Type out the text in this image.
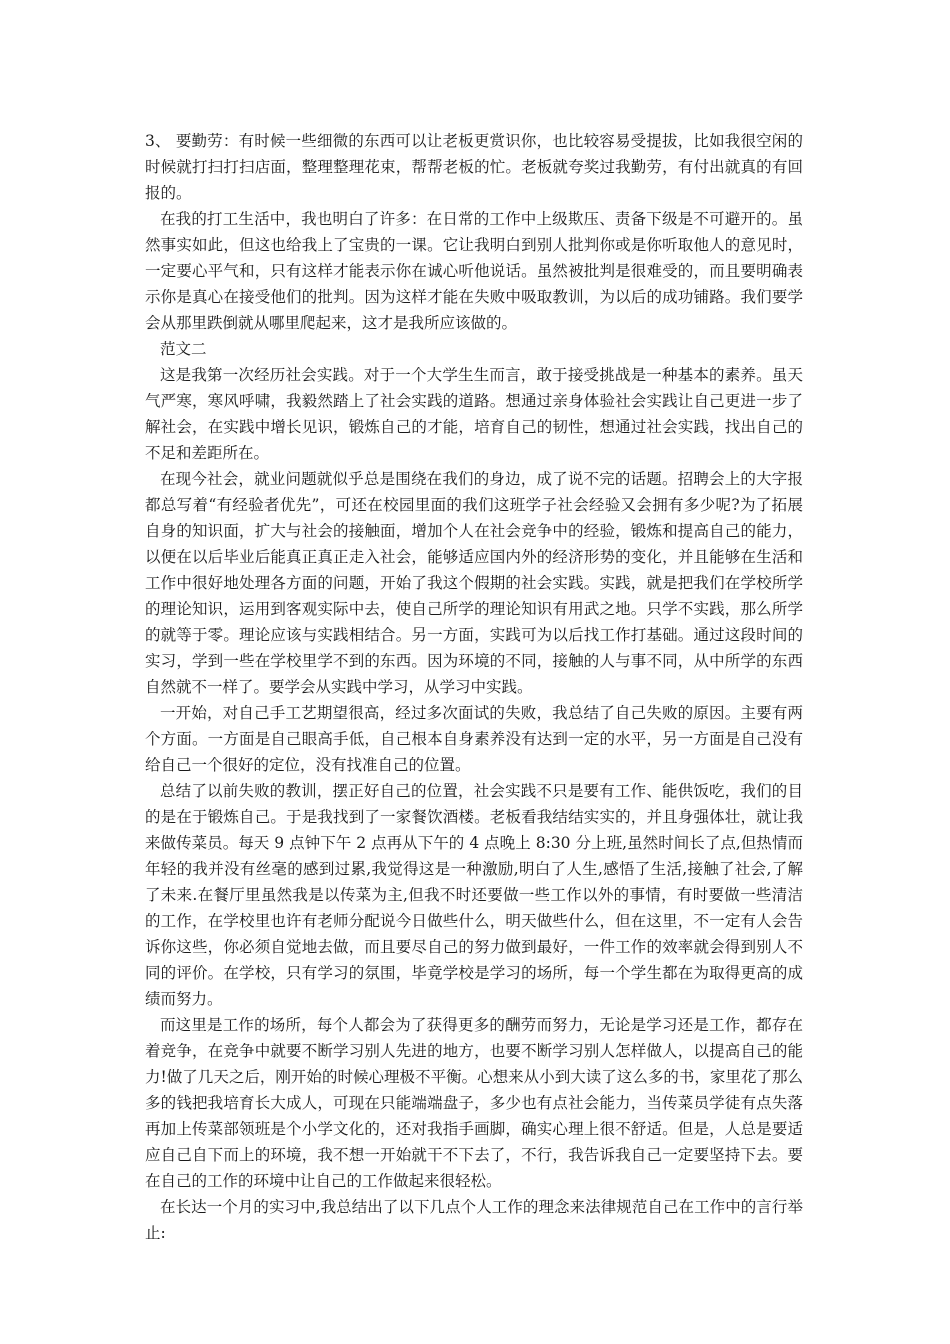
3、 要勤劳：有时候一些细微的东西可以让老板更赏识你，也比较容易受提拔，比如我很空闲的时候就打扫打扫店面，整理整理花束，帮帮老板的忙。老板就夸奖过我勤劳，有付出就真的有回报的。

在我的打工生活中，我也明白了许多：在日常的工作中上级欺压、责备下级是不可避开的。虽然事实如此，但这也给我上了宝贵的一课。它让我明白到别人批判你或是你听取他人的意见时，一定要心平气和，只有这样才能表示你在诚心听他说话。虽然被批判是很难受的，而且要明确表示你是真心在接受他们的批判。因为这样才能在失败中吸取教训，为以后的成功铺路。我们要学会从那里跌倒就从哪里爬起来，这才是我所应该做的。

范文二

这是我第一次经历社会实践。对于一个大学生生而言，敢于接受挑战是一种基本的素养。虽天气严寒，寒风呼啸，我毅然踏上了社会实践的道路。想通过亲身体验社会实践让自己更进一步了解社会，在实践中增长见识，锻炼自己的才能，培育自己的韧性，想通过社会实践，找出自己的不足和差距所在。

在现今社会，就业问题就似乎总是围绕在我们的身边，成了说不完的话题。招聘会上的大字报都总写着“有经验者优先”，可还在校园里面的我们这班学子社会经验又会拥有多少呢?为了拓展自身的知识面，扩大与社会的接触面，增加个人在社会竞争中的经验，锻炼和提高自己的能力，以便在以后毕业后能真正真正走入社会，能够适应国内外的经济形势的变化，并且能够在生活和工作中很好地处理各方面的问题，开始了我这个假期的社会实践。实践，就是把我们在学校所学的理论知识，运用到客观实际中去，使自己所学的理论知识有用武之地。只学不实践，那么所学的就等于零。理论应该与实践相结合。另一方面，实践可为以后找工作打基础。通过这段时间的实习，学到一些在学校里学不到的东西。因为环境的不同，接触的人与事不同，从中所学的东西自然就不一样了。要学会从实践中学习，从学习中实践。

一开始，对自己手工艺期望很高，经过多次面试的失败，我总结了自己失败的原因。主要有两个方面。一方面是自己眼高手低，自己根本自身素养没有达到一定的水平，另一方面是自己没有给自己一个很好的定位，没有找准自己的位置。

总结了以前失败的教训，摆正好自己的位置，社会实践不只是要有工作、能供饭吃，我们的目的是在于锻炼自己。于是我找到了一家餐饮酒楼。老板看我结结实实的，并且身强体壮，就让我来做传菜员。每天 9 点钟下午 2 点再从下午的 4 点晚上 8:30 分上班,虽然时间长了点,但热情而年轻的我并没有丝毫的感到过累,我觉得这是一种激励,明白了人生,感悟了生活,接触了社会,了解了未来.在餐厅里虽然我是以传菜为主,但我不时还要做一些工作以外的事情，有时要做一些清洁的工作，在学校里也许有老师分配说今日做些什么，明天做些什么，但在这里，不一定有人会告诉你这些，你必须自觉地去做，而且要尽自己的努力做到最好，一件工作的效率就会得到别人不同的评价。在学校，只有学习的氛围，毕竟学校是学习的场所，每一个学生都在为取得更高的成绩而努力。

而这里是工作的场所，每个人都会为了获得更多的酬劳而努力，无论是学习还是工作，都存在着竞争，在竞争中就要不断学习别人先进的地方，也要不断学习别人怎样做人，以提高自己的能力!做了几天之后，刚开始的时候心理极不平衡。心想来从小到大读了这么多的书，家里花了那么多的钱把我培育长大成人，可现在只能端端盘子，多少也有点社会能力，当传菜员学徒有点失落再加上传菜部领班是个小学文化的，还对我指手画脚，确实心理上很不舒适。但是，人总是要适应自己自下而上的环境，我不想一开始就干不下去了，不行，我告诉我自己一定要坚持下去。要在自己的工作的环境中让自己的工作做起来很轻松。

在长达一个月的实习中,我总结出了以下几点个人工作的理念来法律规范自己在工作中的言行举止:
